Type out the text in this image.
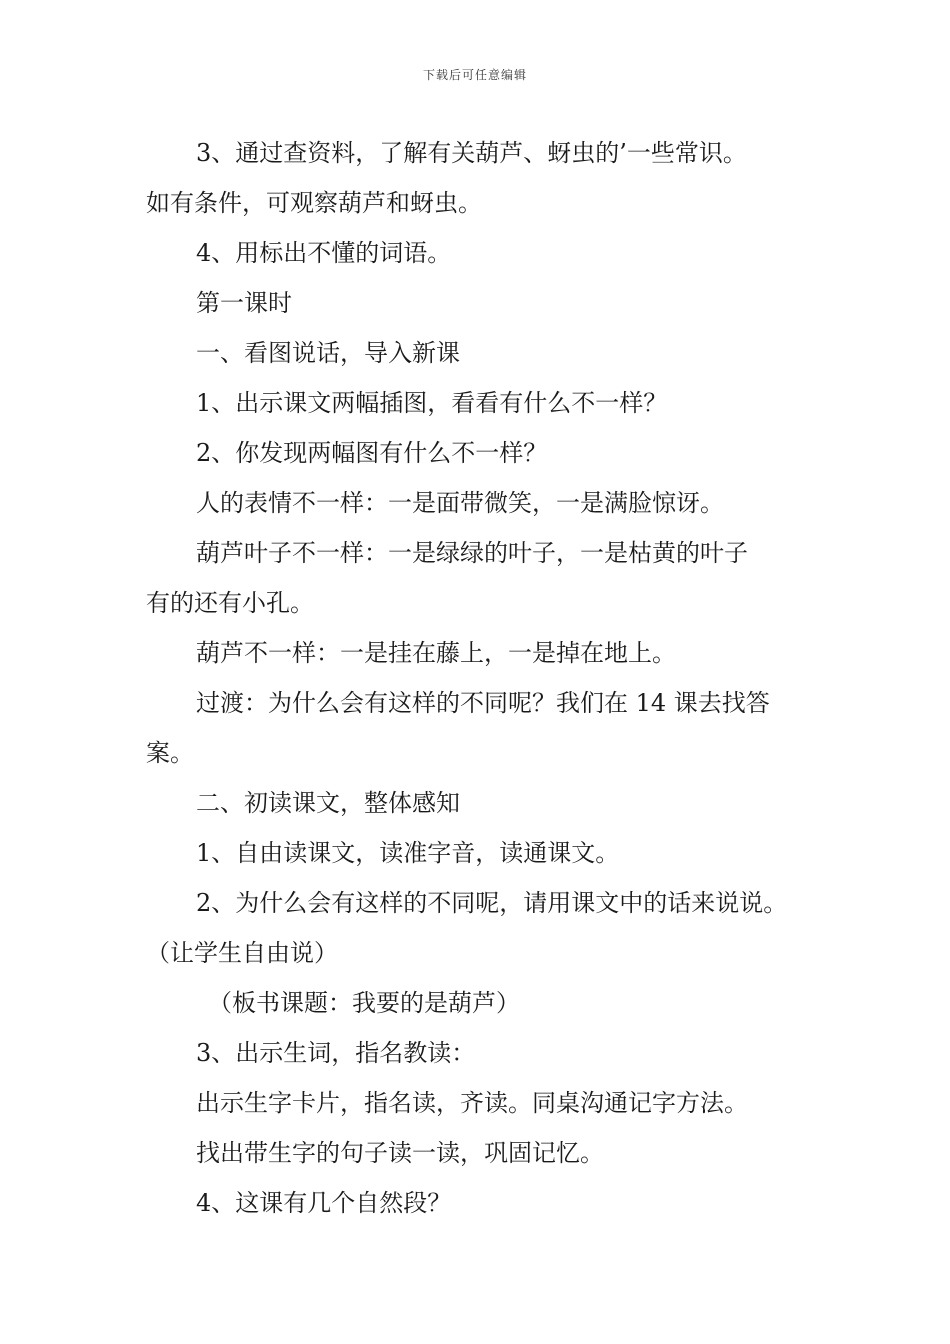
下载后可任意编辑

3、通过查资料，了解有关葫芦、蚜虫的’一些常识。

如有条件，可观察葫芦和蚜虫。

4、用标出不懂的词语。

第一课时

一、看图说话，导入新课

1、出示课文两幅插图，看看有什么不一样？

2、你发现两幅图有什么不一样？

人的表情不一样：一是面带微笑，一是满脸惊讶。

葫芦叶子不一样：一是绿绿的叶子，一是枯黄的叶子

有的还有小孔。

葫芦不一样：一是挂在藤上，一是掉在地上。

过渡：为什么会有这样的不同呢？我们在 14 课去找答

案。

二、初读课文，整体感知

1、自由读课文，读准字音，读通课文。

2、为什么会有这样的不同呢，请用课文中的话来说说。

（让学生自由说）

（板书课题：我要的是葫芦）

3、出示生词，指名教读：

出示生字卡片，指名读，齐读。同桌沟通记字方法。

找出带生字的句子读一读，巩固记忆。

4、这课有几个自然段？
